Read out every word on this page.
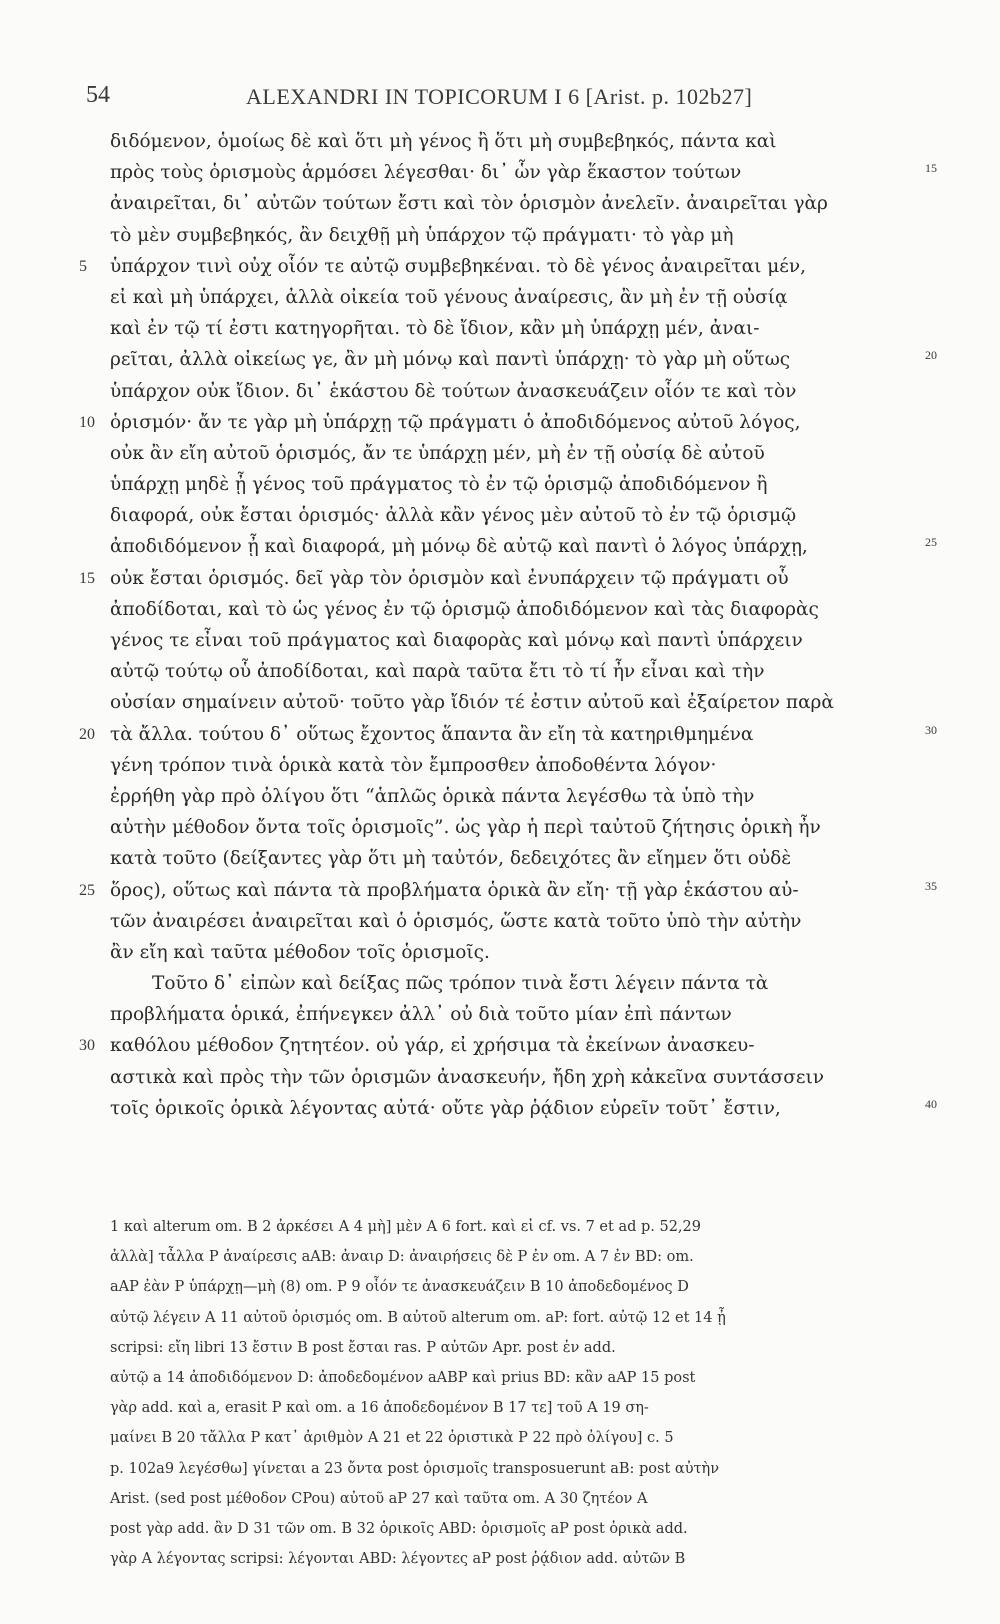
54	ALEXANDRI IN TOPICORUM I 6 [Arist. p. 102b27]
διδόμενον, ὁμοίως δὲ καὶ ὅτι μὴ γένος ἢ ὅτι μὴ συμβεβηκός, πάντα καὶ
πρὸς τοὺς ὁρισμοὺς ἁρμόσει λέγεσθαι· δι᾽ ὧν γὰρ ἕκαστον τούτων	15
ἀναιρεῖται, δι᾽ αὐτῶν τούτων ἔστι καὶ τὸν ὁρισμὸν ἀνελεῖν. ἀναιρεῖται γὰρ
τὸ μὲν συμβεβηκός, ἂν δειχθῇ μὴ ὑπάρχον τῷ πράγματι· τὸ γὰρ μὴ
5 ὑπάρχον τινὶ οὐχ οἷόν τε αὐτῷ συμβεβηκέναι. τὸ δὲ γένος ἀναιρεῖται μέν,
εἰ καὶ μὴ ὑπάρχει, ἀλλὰ οἰκεία τοῦ γένους ἀναίρεσις, ἂν μὴ ἐν τῇ οὐσίᾳ
καὶ ἐν τῷ τί ἐστι κατηγορῆται. τὸ δὲ ἴδιον, κἂν μὴ ὑπάρχῃ μέν, ἀναι-
ρεῖται, ἀλλὰ οἰκείως γε, ἂν μὴ μόνῳ καὶ παντὶ ὑπάρχῃ· τὸ γὰρ μὴ οὕτως	20
ὑπάρχον οὐκ ἴδιον. δι᾽ ἑκάστου δὲ τούτων ἀνασκευάζειν οἷόν τε καὶ τὸν
10 ὁρισμόν· ἄν τε γὰρ μὴ ὑπάρχῃ τῷ πράγματι ὁ ἀποδιδόμενος αὐτοῦ λόγος,
οὐκ ἂν εἴη αὐτοῦ ὁρισμός, ἄν τε ὑπάρχῃ μέν, μὴ ἐν τῇ οὐσίᾳ δὲ αὐτοῦ
ὑπάρχῃ μηδὲ ᾖ γένος τοῦ πράγματος τὸ ἐν τῷ ὁρισμῷ ἀποδιδόμενον ἢ
διαφορά, οὐκ ἔσται ὁρισμός· ἀλλὰ κἂν γένος μὲν αὐτοῦ τὸ ἐν τῷ ὁρισμῷ
ἀποδιδόμενον ᾖ καὶ διαφορά, μὴ μόνῳ δὲ αὐτῷ καὶ παντὶ ὁ λόγος ὑπάρχῃ,	25
15 οὐκ ἔσται ὁρισμός. δεῖ γὰρ τὸν ὁρισμὸν καὶ ἐνυπάρχειν τῷ πράγματι οὗ
ἀποδίδοται, καὶ τὸ ὡς γένος ἐν τῷ ὁρισμῷ ἀποδιδόμενον καὶ τὰς διαφορὰς
γένος τε εἶναι τοῦ πράγματος καὶ διαφορὰς καὶ μόνῳ καὶ παντὶ ὑπάρχειν
αὐτῷ τούτῳ οὗ ἀποδίδοται, καὶ παρὰ ταῦτα ἔτι τὸ τί ἦν εἶναι καὶ τὴν
οὐσίαν σημαίνειν αὐτοῦ· τοῦτο γὰρ ἴδιόν τέ ἐστιν αὐτοῦ καὶ ἐξαίρετον παρὰ
20 τὰ ἄλλα. τούτου δ᾽ οὕτως ἔχοντος ἅπαντα ἂν εἴη τὰ κατηριθμημένα	30
γένη τρόπον τινὰ ὁρικὰ κατὰ τὸν ἔμπροσθεν ἀποδοθέντα λόγον·
ἐρρήθη γὰρ πρὸ ὀλίγου ὅτι “ἁπλῶς ὁρικὰ πάντα λεγέσθω τὰ ὑπὸ τὴν
αὐτὴν μέθοδον ὄντα τοῖς ὁρισμοῖς”. ὡς γὰρ ἡ περὶ ταὐτοῦ ζήτησις ὁρικὴ ἦν
κατὰ τοῦτο (δείξαντες γὰρ ὅτι μὴ ταὐτόν, δεδειχότες ἂν εἴημεν ὅτι οὐδὲ
25 ὅρος), οὕτως καὶ πάντα τὰ προβλήματα ὁρικὰ ἂν εἴη· τῇ γὰρ ἑκάστου αὐ-	35
τῶν ἀναιρέσει ἀναιρεῖται καὶ ὁ ὁρισμός, ὥστε κατὰ τοῦτο ὑπὸ τὴν αὐτὴν
ἂν εἴη καὶ ταῦτα μέθοδον τοῖς ὁρισμοῖς.
Τοῦτο δ᾽ εἰπὼν καὶ δείξας πῶς τρόπον τινὰ ἔστι λέγειν πάντα τὰ
προβλήματα ὁρικά, ἐπήνεγκεν ἀλλ᾽ οὐ διὰ τοῦτο μίαν ἐπὶ πάντων
30 καθόλου μέθοδον ζητητέον. οὐ γάρ, εἰ χρήσιμα τὰ ἐκείνων ἀνασκευ-
αστικὰ καὶ πρὸς τὴν τῶν ὁρισμῶν ἀνασκευήν, ἤδη χρὴ κἀκεῖνα συντάσσειν
τοῖς ὁρικοῖς ὁρικὰ λέγοντας αὐτά· οὔτε γὰρ ῥᾴδιον εὑρεῖν τοῦτ᾽ ἔστιν,	40
1 καὶ alterum om. B 2 ἀρκέσει A 4 μὴ] μὲν A 6 fort. καὶ εἰ cf. vs. 7 et ad p. 52,29
ἀλλὰ] τἆλλα P ἀναίρεσις aAB: ἀναιρ D: ἀναιρήσεις δὲ P ἐν om. A 7 ἐν BD: om.
aAP ἐὰν P ὑπάρχῃ—μὴ (8) om. P 9 οἷόν τε ἀνασκευάζειν B 10 ἀποδεδομένος D
αὐτῷ λέγειν A 11 αὐτοῦ ὁρισμός om. B αὐτοῦ alterum om. aP: fort. αὐτῷ 12 et 14 ᾖ
scripsi: εἴη libri 13 ἔστιν B post ἔσται ras. P αὐτῶν Apr. post ἐν add.
αὐτῷ a 14 ἀποδιδόμενον D: ἀποδεδομένον aABP καὶ prius BD: κἂν aAP 15 post
γὰρ add. καὶ a, erasit P καὶ om. a 16 ἀποδεδομένον B 17 τε] τοῦ A 19 ση-
μαίνει B 20 τἄλλα P κατ᾽ ἀριθμὸν A 21 et 22 ὁριστικὰ P 22 πρὸ ὀλίγου] c. 5
p. 102a9 λεγέσθω] γίνεται a 23 ὄντα post ὁρισμοῖς transposuerunt aB: post αὐτὴν
Arist. (sed post μέθοδον CPou) αὐτοῦ aP 27 καὶ ταῦτα om. A 30 ζητέον A
post γὰρ add. ἂν D 31 τῶν om. B 32 ὁρικοῖς ABD: ὁρισμοῖς aP post ὁρικὰ add.
γὰρ A λέγοντας scripsi: λέγονται ABD: λέγοντες aP post ῥᾴδιον add. αὐτῶν B
